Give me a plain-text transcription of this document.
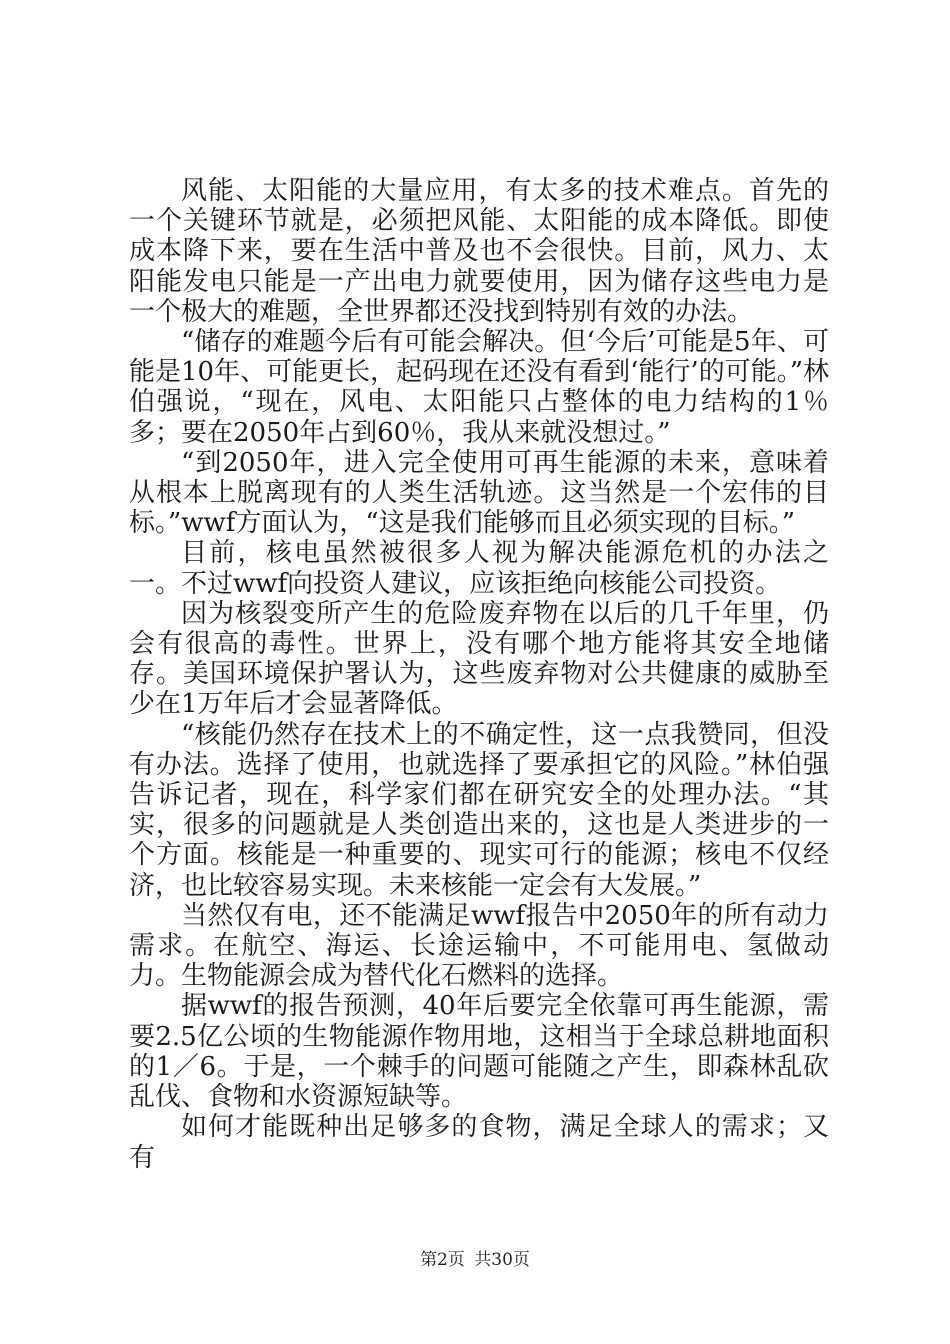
风能、太阳能的大量应用，有太多的技术难点。首先的一个关键环节就是，必须把风能、太阳能的成本降低。即使成本降下来，要在生活中普及也不会很快。目前，风力、太阳能发电只能是一产出电力就要使用，因为储存这些电力是一个极大的难题，全世界都还没找到特别有效的办法。

“储存的难题今后有可能会解决。但‘今后’可能是5年、可能是10年、可能更长，起码现在还没有看到‘能行’的可能。”林伯强说，“现在，风电、太阳能只占整体的电力结构的1％多；要在2050年占到60％，我从来就没想过。”

“到2050年，进入完全使用可再生能源的未来，意味着从根本上脱离现有的人类生活轨迹。这当然是一个宏伟的目标。”wwf方面认为，“这是我们能够而且必须实现的目标。”

目前，核电虽然被很多人视为解决能源危机的办法之一。不过wwf向投资人建议，应该拒绝向核能公司投资。

因为核裂变所产生的危险废弃物在以后的几千年里，仍会有很高的毒性。世界上，没有哪个地方能将其安全地储存。美国环境保护署认为，这些废弃物对公共健康的威胁至少在1万年后才会显著降低。

“核能仍然存在技术上的不确定性，这一点我赞同，但没有办法。选择了使用，也就选择了要承担它的风险。”林伯强告诉记者，现在，科学家们都在研究安全的处理办法。“其实，很多的问题就是人类创造出来的，这也是人类进步的一个方面。核能是一种重要的、现实可行的能源；核电不仅经济，也比较容易实现。未来核能一定会有大发展。”

当然仅有电，还不能满足wwf报告中2050年的所有动力需求。在航空、海运、长途运输中，不可能用电、氢做动力。生物能源会成为替代化石燃料的选择。

据wwf的报告预测，40年后要完全依靠可再生能源，需要2.5亿公顷的生物能源作物用地，这相当于全球总耕地面积的1／6。于是，一个棘手的问题可能随之产生，即森林乱砍乱伐、食物和水资源短缺等。

如何才能既种出足够多的食物，满足全球人的需求；又有

第2页 共30页
